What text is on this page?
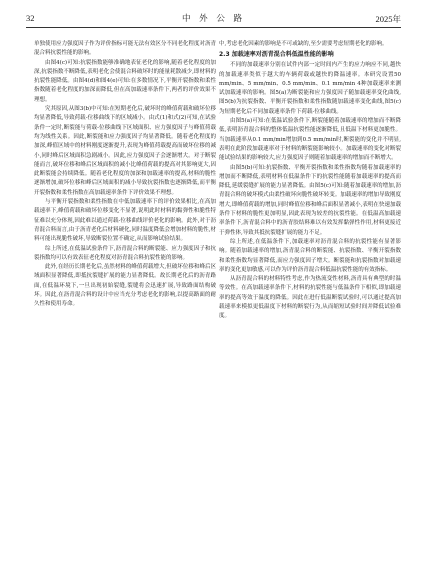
32	中 外 公 路	2025年

单独使用应力强度因子作为评价指标可能无法有效区分不同老化程度对沥青混合料抗裂性能的影响。

由图4(c)可知:抗裂指数能够准确地表征老化的影响,随着老化程度的加深,抗裂指数不断降低,表明老化会使混合料破坏时的能量耗散减少,即材料的抗裂性能降低。由图4(d)和图4(e)可知:在多数情况下,平衡开裂指数和柔性指数随着老化程度的加深而降低,但在高加载速率条件下,两者的评价效果不理想。

究其原因,从图3(b)中可知:在短期老化后,破坏时的峰值荷载和破坏位移均显著降低,导致荷载-位移曲线下的区域减小。由式(1)和式(2)可知,在试验条件一定时,断裂能与荷载-位移曲线下区域面积、应力强度因子与峰值荷载均为线性关系。因此,断裂能和应力强度因子均显著降低。随着老化程度的加深,峰值区域中的材料刚度逐渐提升,表现为峰值荷载提高而破坏位移的减小,同时峰后区域面积急剧减小。因此,应力强度因子会逐渐增大。对于断裂能而言,破坏位移和峰后区域面积的减小比峰值荷载的提高对其影响更大,因此断裂能会持续降低。随着老化程度的加深和加载速率的提高,材料的脆性逐渐增加,破坏位移和峰后区域面积的减小导致抗裂指数也逐渐降低,而平衡开裂指数和柔性指数在高加载速率条件下评价效果不理想。

与平衡开裂指数和柔性指数在中低加载速率下的评价效果相比,在高加载速率下,峰值荷载和破坏位移变化不显著,说明此时材料的黏弹性和脆性特征难以充分体现,因此难以通过荷载-位移曲线评价老化的影响。此外,对于沥青混合料而言,由于沥青老化后材料硬化,同时温度降低会增加材料的脆性,材料可能出现脆性破坏,导致断裂位置不确定,从而影响试验结果。

综上所述,在低温试验条件下,沥青混合料的断裂能、应力强度因子和抗裂指数均可以有效表征老化程度对沥青混合料抗裂性能的影响。

此外,在经历长期老化后,虽然材料的峰值荷载增大,但破坏位移和峰后区域面积显著降低,即抵抗裂缝扩展的能力显著降低。故长期老化后的沥青路面,在低温环境下,一旦出现初始裂缝,裂缝将会迅速扩展,导致路面结构破坏。因此,在沥青混合料的设计中应当充分考虑老化的影响,以提高路面的耐久性和使用寿命。

中,考虑老化因素的影响是不可或缺的,至少需要考虑短期老化的影响。

2.3 加载速率对沥青混合料低温性能的影响

不同的加载速率分别在试件内部一定时间内产生的应力响应不同,越快的加载速率类似于越大的车辆荷载或越快的降温速率。本研究设置50 mm/min、5 mm/min、0.5 mm/min、0.1 mm/min 4种加载速率来测试加载速率的影响。图5(a)为断裂能和应力强度因子随加载速率变化曲线,图5(b)为抗裂指数、平衡开裂指数和柔性指数随加载速率变化曲线,图5(c)为短期老化后不同加载速率条件下荷载-位移曲线。

由图5(a)可知:在低温试验条件下,断裂能随着加载速率的增加而不断降低,表明沥青混合料的整体低温抗裂性能逐渐降低,且低温下材料更加脆性。当加载速率从0.1 mm/min增加到0.5 mm/min时,断裂能的变化并不明显,表明在此阶段加载速率对于材料的断裂能影响较小。加载速率的变化对断裂能试验结果的影响较大,应力强度因子则随着加载速率的增加而不断增大。

由图5(b)可知:抗裂指数、平衡开裂指数和柔性指数均随着加载速率的增加而不断降低,表明材料在低温条件下的抗裂性能随着加载速率的提高而降低,延缓裂缝扩展的能力显著降低。由图5(c)可知:随着加载速率的增加,沥青混合料的破坏模式由柔性破坏向脆性破坏转变。加载速率的增加导致刚度增大,即峰值荷载的增加,同时峰值位移和峰后面积显著减小,表明在快速加载条件下材料的脆性更加明显,因此表现为较差的抗裂性能。在低温高加载速率条件下,沥青混合料中的沥青胶结料难以有效发挥黏弹性作用,材料更接近于弹性体,导致其抵抗裂缝扩展的能力不足。

综上所述,在低温条件下,加载速率对沥青混合料的抗裂性能有显著影响。随着加载速率的增加,沥青混合料的断裂能、抗裂指数、平衡开裂指数和柔性指数均显著降低,而应力强度因子增大。断裂能和抗裂指数对加载速率的变化更加敏感,可以作为评价沥青混合料低温抗裂性能的有效指标。

从沥青混合料的材料特性考虑,作为热流变性材料,沥青具有典型的时温等效性。在高加载速率条件下,材料的抗裂性能与低温条件下相似,即加载速率的提高等效于温度的降低。因此在进行低温断裂试验时,可以通过提高加载速率来模拟更低温度下材料的断裂行为,从而缩短试验时间并降低试验难度。
